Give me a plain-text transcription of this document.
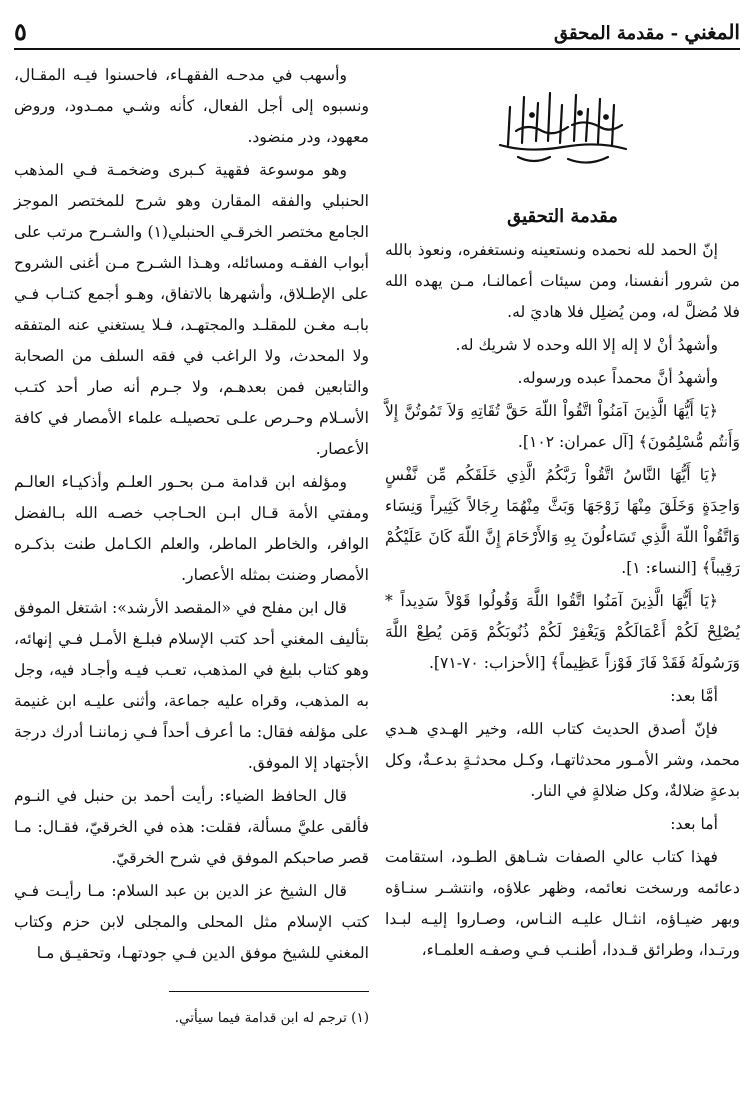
المغني - مقدمة المحقق
٥
مقدمة التحقيق

إنّ الحمد لله نحمده ونستعينه ونستغفره، ونعوذ بالله من شرور أنفسنا، ومن سيئات أعمالنـا، مـن يهده الله فلا مُضلَّ له، ومن يُضلِل فلا هاديَ له.

وأشهدُ أنْ لا إله إلا الله وحده لا شريك له.

وأشهدُ أنَّ محمداً عبده ورسوله.

﴿يَا أَيُّهَا الَّذِينَ آمَنُواْ اتَّقُواْ اللّهَ حَقَّ تُقَاتِهِ وَلاَ تَمُوتُنَّ إِلاَّ وَأَنتُم مُّسْلِمُونَ﴾ [آل عمران: ١٠٢].

﴿يَا أَيُّهَا النَّاسُ اتَّقُواْ رَبَّكُمُ الَّذِي خَلَقَكُم مِّن نَّفْسٍ وَاحِدَةٍ وَخَلَقَ مِنْهَا زَوْجَهَا وَبَثَّ مِنْهُمَا رِجَالاً كَثِيراً وَنِسَاء وَاتَّقُواْ اللّهَ الَّذِي تَسَاءلُونَ بِهِ وَالأَرْحَامَ إِنَّ اللّهَ كَانَ عَلَيْكُمْ رَقِيباً﴾ [النساء: ١].

﴿يَا أَيُّهَا الَّذِينَ آمَنُوا اتَّقُوا اللَّهَ وَقُولُوا قَوْلاً سَدِيداً * يُصْلِحْ لَكُمْ أَعْمَالَكُمْ وَيَغْفِرْ لَكُمْ ذُنُوبَكُمْ وَمَن يُطِعْ اللَّهَ وَرَسُولَهُ فَقَدْ فَازَ فَوْزاً عَظِيماً﴾ [الأحزاب: ٧٠-٧١].

أمَّا بعد:

فإنّ أصدق الحديث كتاب الله، وخير الهـدي هـدي محمد، وشر الأمـور محدثاتهـا، وكـل محدثـةٍ بدعـةٌ، وكل بدعةٍ ضلالةٌ، وكل ضلالةٍ في النار.

أما بعد:

فهذا كتاب عالي الصفات شـاهق الطـود، استقامت دعائمه ورسخت نعائمه، وظهر علاؤه، وانتشـر سنـاؤه وبهر ضيـاؤه، انثـال عليـه النـاس، وصـاروا إليـه لبـدا ورتـدا، وطرائق قـددا، أطنـب فـي وصفـه العلمـاء،

وأسهب في مدحـه الفقهـاء، فاحسنوا فيـه المقـال، ونسبوه إلى أجل الفعال، كأنه وشـي ممـدود، وروض معهود، ودر منضود.

وهو موسوعة فقهية كـبرى وضخمـة فـي المذهب الحنبلي والفقه المقارن وهو شرح للمختصر الموجز الجامع مختصر الخرقـي الحنبلي(١) والشـرح مرتب على أبواب الفقـه ومسائله، وهـذا الشـرح مـن أغنى الشروح على الإطـلاق، وأشهرها بالاتفاق، وهـو أجمع كتـاب فـي بابـه مغـن للمقلـد والمجتهـد، فـلا يستغني عنه المتفقه ولا المحدث، ولا الراغب في فقه السلف من الصحابة والتابعين فمن بعدهـم، ولا جـرم أنه صار أحد كتـب الأسـلام وحـرص علـى تحصيلـه علماء الأمصار في كافة الأعصار.

ومؤلفه ابن قدامة مـن بحـور العلـم وأذكيـاء العالـم ومفتي الأمة قـال ابـن الحـاجب خصـه الله بـالفضل الوافر، والخاطر الماطر، والعلم الكـامل طنت بذكـره الأمصار وضنت بمثله الأعصار.

قال ابن مفلح في «المقصد الأرشد»: اشتغل الموفق بتأليف المغني أحد كتب الإسلام فبلـغ الأمـل فـي إنهائه، وهو كتاب بليغ في المذهب، تعـب فيـه وأجـاد فيه، وجل به المذهب، وقراه عليه جماعة، وأثنى عليـه ابن غنيمة على مؤلفه فقال: ما أعرف أحداً فـي زماننـا أدرك درجة الأجتهاد إلا الموفق.

قال الحافظ الضياء: رأيت أحمد بن حنبل في النـوم فألقى عليَّ مسألة، فقلت: هذه في الخرقيّ، فقـال: مـا قصر صاحبكم الموفق في شرح الخرقيّ.

قال الشيخ عز الدين بن عبد السلام: مـا رأيـت فـي كتب الإسلام مثل المحلى والمجلى لابن حزم وكتاب المغني للشيخ موفق الدين فـي جودتهـا، وتحقيـق مـا

(١) ترجم له ابن قدامة فيما سيأتي.
